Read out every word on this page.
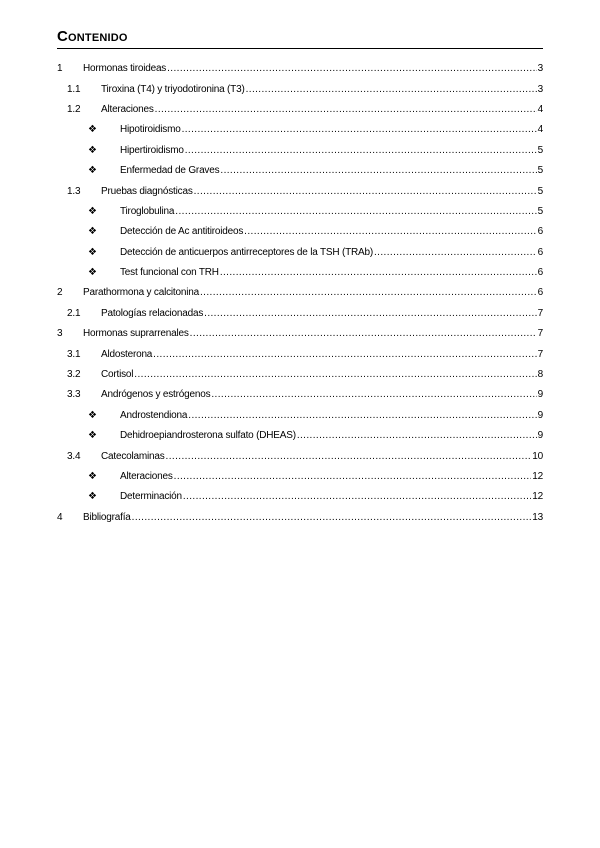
Contenido
1	Hormonas tiroideas .....	3
1.1	Tiroxina (T4) y triyodotironina (T3) .....	3
1.2	Alteraciones .....	4
❖	Hipotiroidismo .....	4
❖	Hipertiroidismo .....	5
❖	Enfermedad de Graves .....	5
1.3	Pruebas diagnósticas .....	5
❖	Tiroglobulina .....	5
❖	Detección de Ac antitiroideos .....	6
❖	Detección de anticuerpos antirreceptores de la TSH (TRAb) .....	6
❖	Test funcional con TRH .....	6
2	Parathormona y calcitonina .....	6
2.1	Patologías relacionadas .....	7
3	Hormonas suprarrenales .....	7
3.1	Aldosterona .....	7
3.2	Cortisol .....	8
3.3	Andrógenos y estrógenos .....	9
❖	Androstendiona .....	9
❖	Dehidroepiandrosterona sulfato (DHEAS) .....	9
3.4	Catecolaminas .....	10
❖	Alteraciones .....	12
❖	Determinación .....	12
4	Bibliografía .....	13
